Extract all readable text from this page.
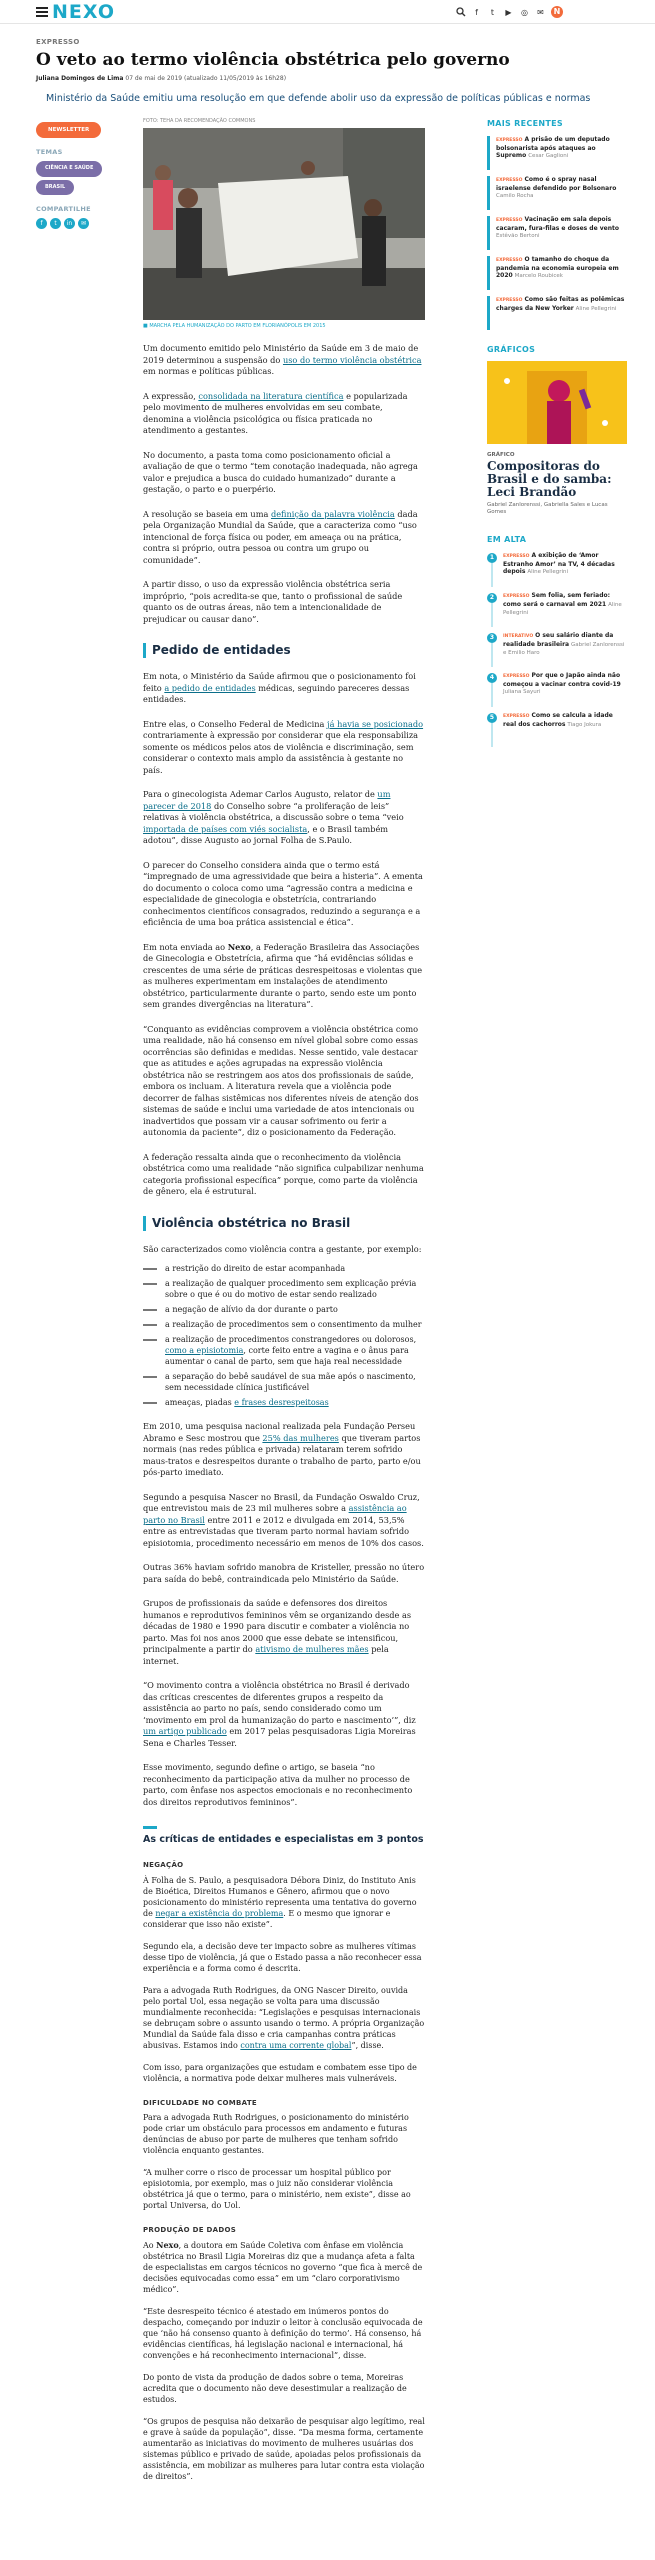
NEXO	f	t	▶	◎ ✉	N
EXPRESSO
O veto ao termo violência obstétrica pelo governo
Juliana Domingos de Lima 07 de mai de 2019 (atualizado 11/05/2019 às 16h28)
Ministério da Saúde emitiu uma resolução em que defende abolir uso da expressão de políticas públicas e normas
NEWSLETTER
TEMAS
CIÊNCIA E SAÚDE BRASIL
COMPARTILHE
f t in ✉
FOTO: TEHA DA RECOMENDAÇÃO COMMONS
■ MARCHA PELA HUMANIZAÇÃO DO PARTO EM FLORIANÓPOLIS EM 2015

Um documento emitido pelo Ministério da Saúde em 3 de maio de 2019 determinou a suspensão do uso do termo violência obstétrica em normas e políticas públicas.

A expressão, consolidada na literatura científica e popularizada pelo movimento de mulheres envolvidas em seu combate, denomina a violência psicológica ou física praticada no atendimento a gestantes.

No documento, a pasta toma como posicionamento oficial a avaliação de que o termo “tem conotação inadequada, não agrega valor e prejudica a busca do cuidado humanizado” durante a gestação, o parto e o puerpério.

A resolução se baseia em uma definição da palavra violência dada pela Organização Mundial da Saúde, que a caracteriza como “uso intencional de força física ou poder, em ameaça ou na prática, contra si próprio, outra pessoa ou contra um grupo ou comunidade”.

A partir disso, o uso da expressão violência obstétrica seria impróprio, “pois acredita-se que, tanto o profissional de saúde quanto os de outras áreas, não tem a intencionalidade de prejudicar ou causar dano”.

Pedido de entidades

Em nota, o Ministério da Saúde afirmou que o posicionamento foi feito a pedido de entidades médicas, seguindo pareceres dessas entidades.

Entre elas, o Conselho Federal de Medicina já havia se posicionado contrariamente à expressão por considerar que ela responsabiliza somente os médicos pelos atos de violência e discriminação, sem considerar o contexto mais amplo da assistência à gestante no país.

Para o ginecologista Ademar Carlos Augusto, relator de um parecer de 2018 do Conselho sobre “a proliferação de leis” relativas à violência obstétrica, a discussão sobre o tema “veio importada de países com viés socialista, e o Brasil também adotou”, disse Augusto ao jornal Folha de S.Paulo.

O parecer do Conselho considera ainda que o termo está “impregnado de uma agressividade que beira a histeria”. A ementa do documento o coloca como uma “agressão contra a medicina e especialidade de ginecologia e obstetrícia, contrariando conhecimentos científicos consagrados, reduzindo a segurança e a eficiência de uma boa prática assistencial e ética”.

Em nota enviada ao Nexo, a Federação Brasileira das Associações de Ginecologia e Obstetrícia, afirma que “há evidências sólidas e crescentes de uma série de práticas desrespeitosas e violentas que as mulheres experimentam em instalações de atendimento obstétrico, particularmente durante o parto, sendo este um ponto sem grandes divergências na literatura”.

“Conquanto as evidências comprovem a violência obstétrica como uma realidade, não há consenso em nível global sobre como essas ocorrências são definidas e medidas. Nesse sentido, vale destacar que as atitudes e ações agrupadas na expressão violência obstétrica não se restringem aos atos dos profissionais de saúde, embora os incluam. A literatura revela que a violência pode decorrer de falhas sistêmicas nos diferentes níveis de atenção dos sistemas de saúde e inclui uma variedade de atos intencionais ou inadvertidos que possam vir a causar sofrimento ou ferir a autonomia da paciente”, diz o posicionamento da Federação.

A federação ressalta ainda que o reconhecimento da violência obstétrica como uma realidade “não significa culpabilizar nenhuma categoria profissional específica” porque, como parte da violência de gênero, ela é estrutural.

Violência obstétrica no Brasil

São caracterizados como violência contra a gestante, por exemplo:

a restrição do direito de estar acompanhada
a realização de qualquer procedimento sem explicação prévia sobre o que é ou do motivo de estar sendo realizado
a negação de alívio da dor durante o parto
a realização de procedimentos sem o consentimento da mulher
a realização de procedimentos constrangedores ou dolorosos, como a episiotomia, corte feito entre a vagina e o ânus para aumentar o canal de parto, sem que haja real necessidade
a separação do bebê saudável de sua mãe após o nascimento, sem necessidade clínica justificável
ameaças, piadas e frases desrespeitosas

Em 2010, uma pesquisa nacional realizada pela Fundação Perseu Abramo e Sesc mostrou que 25% das mulheres que tiveram partos normais (nas redes pública e privada) relataram terem sofrido maus-tratos e desrespeitos durante o trabalho de parto, parto e/ou pós-parto imediato.

Segundo a pesquisa Nascer no Brasil, da Fundação Oswaldo Cruz, que entrevistou mais de 23 mil mulheres sobre a assistência ao parto no Brasil entre 2011 e 2012 e divulgada em 2014, 53,5% entre as entrevistadas que tiveram parto normal haviam sofrido episiotomia, procedimento necessário em menos de 10% dos casos.

Outras 36% haviam sofrido manobra de Kristeller, pressão no útero para saída do bebê, contraindicada pelo Ministério da Saúde.

Grupos de profissionais da saúde e defensores dos direitos humanos e reprodutivos femininos vêm se organizando desde as décadas de 1980 e 1990 para discutir e combater a violência no parto. Mas foi nos anos 2000 que esse debate se intensificou, principalmente a partir do ativismo de mulheres mães pela internet.

“O movimento contra a violência obstétrica no Brasil é derivado das críticas crescentes de diferentes grupos a respeito da assistência ao parto no país, sendo considerado como um ‘movimento em prol da humanização do parto e nascimento’”, diz um artigo publicado em 2017 pelas pesquisadoras Ligia Moreiras Sena e Charles Tesser.

Esse movimento, segundo define o artigo, se baseia “no reconhecimento da participação ativa da mulher no processo de parto, com ênfase nos aspectos emocionais e no reconhecimento dos direitos reprodutivos femininos”.

As críticas de entidades e especialistas em 3 pontos
NEGAÇÃO

À Folha de S. Paulo, a pesquisadora Débora Diniz, do Instituto Anis de Bioética, Direitos Humanos e Gênero, afirmou que o novo posicionamento do ministério representa uma tentativa do governo de negar a existência do problema. E o mesmo que ignorar e considerar que isso não existe”.

Segundo ela, a decisão deve ter impacto sobre as mulheres vítimas desse tipo de violência, já que o Estado passa a não reconhecer essa experiência e a forma como é descrita.

Para a advogada Ruth Rodrigues, da ONG Nascer Direito, ouvida pelo portal Uol, essa negação se volta para uma discussão mundialmente reconhecida: “Legislações e pesquisas internacionais se debruçam sobre o assunto usando o termo. A própria Organização Mundial da Saúde fala disso e cria campanhas contra práticas abusivas. Estamos indo contra uma corrente global”, disse.

Com isso, para organizações que estudam e combatem esse tipo de violência, a normativa pode deixar mulheres mais vulneráveis.

DIFICULDADE NO COMBATE

Para a advogada Ruth Rodrigues, o posicionamento do ministério pode criar um obstáculo para processos em andamento e futuras denúncias de abuso por parte de mulheres que tenham sofrido violência enquanto gestantes.

“A mulher corre o risco de processar um hospital público por episiotomia, por exemplo, mas o juiz não considerar violência obstétrica já que o termo, para o ministério, nem existe”, disse ao portal Universa, do Uol.

PRODUÇÃO DE DADOS

Ao Nexo, a doutora em Saúde Coletiva com ênfase em violência obstétrica no Brasil Ligia Moreiras diz que a mudança afeta a falta de especialistas em cargos técnicos no governo “que fica à mercê de decisões equivocadas como essa” em um “claro corporativismo médico”.

“Este desrespeito técnico é atestado em inúmeros pontos do despacho, começando por induzir o leitor à conclusão equivocada de que ‘não há consenso quanto à definição do termo’. Há consenso, há evidências científicas, há legislação nacional e internacional, há convenções e há reconhecimento internacional”, disse.

Do ponto de vista da produção de dados sobre o tema, Moreiras acredita que o documento não deve desestimular a realização de estudos.

“Os grupos de pesquisa não deixarão de pesquisar algo legítimo, real e grave à saúde da população”, disse. “Da mesma forma, certamente aumentarão as iniciativas do movimento de mulheres usuárias dos sistemas público e privado de saúde, apoiadas pelos profissionais da assistência, em mobilizar as mulheres para lutar contra esta violação de direitos”.

MAIS RECENTES
EXPRESSO A prisão de um deputado bolsonarista após ataques ao Supremo Cesar Gaglioni
EXPRESSO Como é o spray nasal israelense defendido por Bolsonaro Camilo Rocha
EXPRESSO Vacinação em sala depois cacaram, fura-filas e doses de vento Estêvão Bertoni
EXPRESSO O tamanho do choque da pandemia na economia europeia em 2020 Marcelo Roubicek
EXPRESSO Como são feitas as polêmicas charges da New Yorker Aline Pellegrini
GRÁFICOS
GRÁFICO
Compositoras do Brasil e do samba: Leci Brandão
Gabriel Zanlorenssi, Gabriella Sales e Lucas Gomes
EM ALTA
1	EXPRESSO A exibição de ‘Amor Estranho Amor’ na TV, 4 décadas depois Aline Pellegrini
2	EXPRESSO Sem folia, sem feriado: como será o carnaval em 2021 Aline Pellegrini
3	INTERATIVO O seu salário diante da realidade brasileira Gabriel Zanlorenssi e Emilio Haro
4	EXPRESSO Por que o Japão ainda não começou a vacinar contra covid-19 Juliana Sayuri
5	EXPRESSO Como se calcula a idade real dos cachorros Tiago Jokura
